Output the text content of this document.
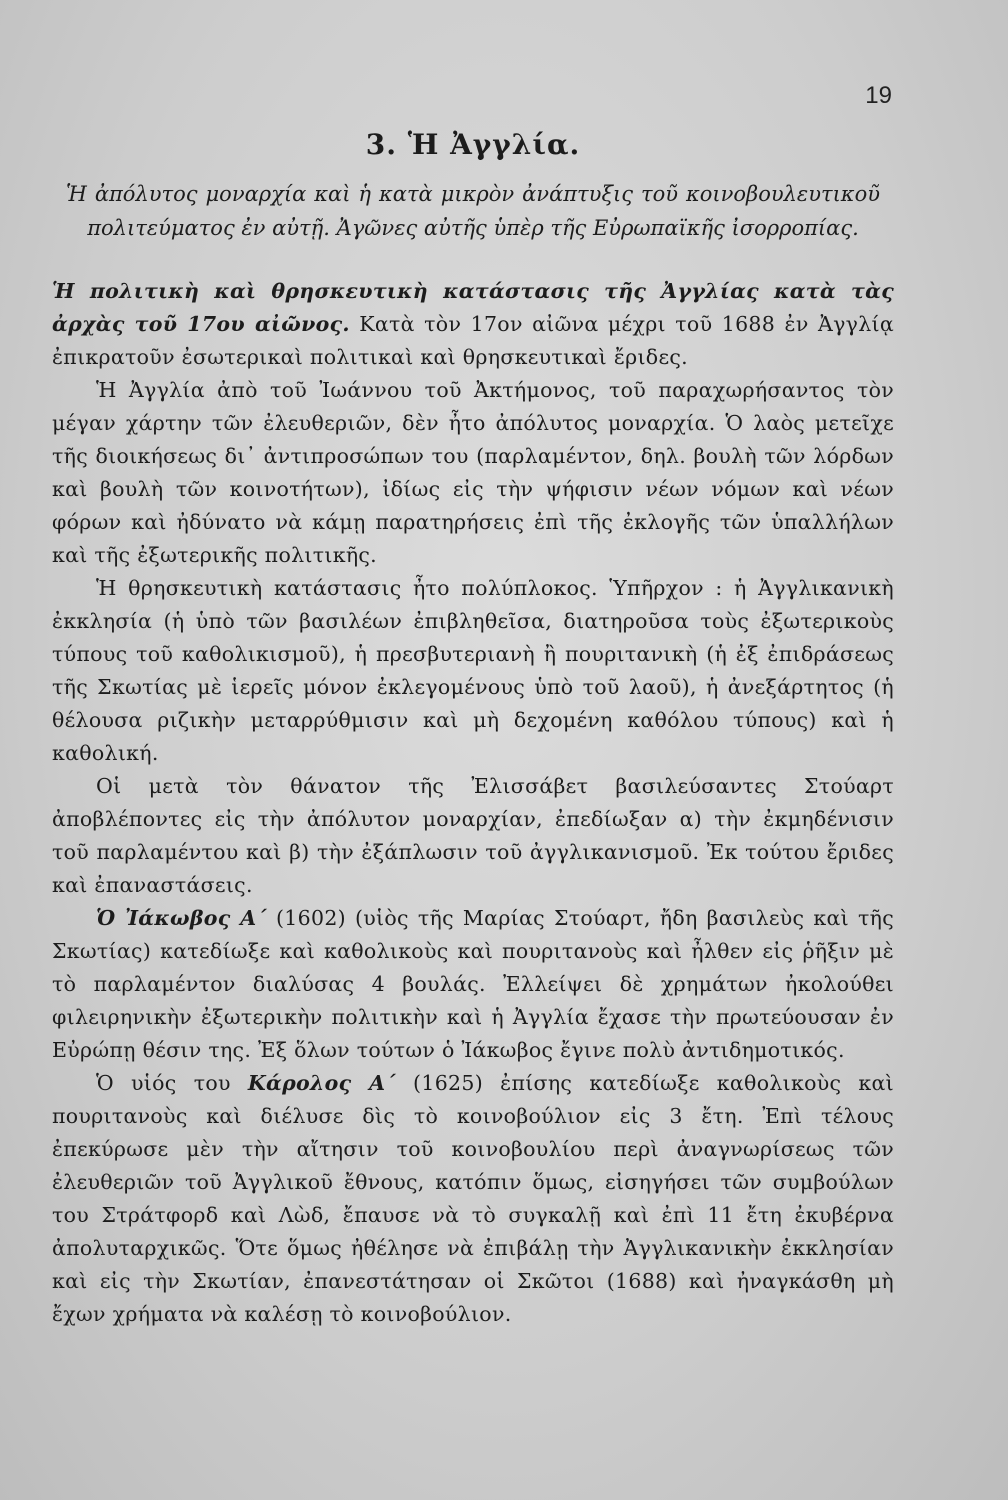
19
3. Ἡ Ἀγγλία.
Ἡ ἀπόλυτος μοναρχία καὶ ἡ κατὰ μικρὸν ἀνάπτυξις τοῦ κοινοβουλευτικοῦ πολιτεύματος ἐν αὐτῇ. Ἀγῶνες αὐτῆς ὑπὲρ τῆς Εὐρωπαϊκῆς ἰσορροπίας.

Ἡ πολιτικὴ καὶ θρησκευτικὴ κατάστασις τῆς Ἀγγλίας κατὰ τὰς ἀρχὰς τοῦ 17ου αἰῶνος. Κατὰ τὸν 17ον αἰῶνα μέχρι τοῦ 1688 ἐν Ἀγγλίᾳ ἐπικρατοῦν ἐσωτερικαὶ πολιτικαὶ καὶ θρησκευτικαὶ ἔριδες.

Ἡ Ἀγγλία ἀπὸ τοῦ Ἰωάννου τοῦ Ἀκτήμονος, τοῦ παραχωρήσαντος τὸν μέγαν χάρτην τῶν ἐλευθεριῶν, δὲν ἦτο ἀπόλυτος μοναρχία. Ὁ λαὸς μετεῖχε τῆς διοικήσεως δι᾿ ἀντιπροσώπων του (παρλαμέντον, δηλ. βουλὴ τῶν λόρδων καὶ βουλὴ τῶν κοινοτήτων), ἰδίως εἰς τὴν ψήφισιν νέων νόμων καὶ νέων φόρων καὶ ἠδύνατο νὰ κάμῃ παρατηρήσεις ἐπὶ τῆς ἐκλογῆς τῶν ὑπαλλήλων καὶ τῆς ἐξωτερικῆς πολιτικῆς.

Ἡ θρησκευτικὴ κατάστασις ἦτο πολύπλοκος. Ὑπῆρχον : ἡ Ἀγγλικανικὴ ἐκκλησία (ἡ ὑπὸ τῶν βασιλέων ἐπιβληθεῖσα, διατηροῦσα τοὺς ἐξωτερικοὺς τύπους τοῦ καθολικισμοῦ), ἡ πρεσβυτεριανὴ ἢ πουριτανικὴ (ἡ ἐξ ἐπιδράσεως τῆς Σκωτίας μὲ ἱερεῖς μόνον ἐκλεγομένους ὑπὸ τοῦ λαοῦ), ἡ ἀνεξάρτητος (ἡ θέλουσα ριζικὴν μεταρρύθμισιν καὶ μὴ δεχομένη καθόλου τύπους) καὶ ἡ καθολική.

Οἱ μετὰ τὸν θάνατον τῆς Ἐλισσάβετ βασιλεύσαντες Στούαρτ ἀποβλέποντες εἰς τὴν ἀπόλυτον μοναρχίαν, ἐπεδίωξαν α) τὴν ἐκμηδένισιν τοῦ παρλαμέντου καὶ β) τὴν ἐξάπλωσιν τοῦ ἀγγλικανισμοῦ. Ἐκ τούτου ἔριδες καὶ ἐπαναστάσεις.

Ὁ Ἰάκωβος Α΄ (1602) (υἱὸς τῆς Μαρίας Στούαρτ, ἤδη βασιλεὺς καὶ τῆς Σκωτίας) κατεδίωξε καὶ καθολικοὺς καὶ πουριτανοὺς καὶ ἦλθεν εἰς ῥῆξιν μὲ τὸ παρλαμέντον διαλύσας 4 βουλάς. Ἐλλείψει δὲ χρημάτων ἠκολούθει φιλειρηνικὴν ἐξωτερικὴν πολιτικὴν καὶ ἡ Ἀγγλία ἔχασε τὴν πρωτεύουσαν ἐν Εὐρώπῃ θέσιν της. Ἐξ ὅλων τούτων ὁ Ἰάκωβος ἔγινε πολὺ ἀντιδημοτικός.

Ὁ υἱός του Κάρολος Α΄ (1625) ἐπίσης κατεδίωξε καθολικοὺς καὶ πουριτανοὺς καὶ διέλυσε δὶς τὸ κοινοβούλιον εἰς 3 ἔτη. Ἐπὶ τέλους ἐπεκύρωσε μὲν τὴν αἴτησιν τοῦ κοινοβουλίου περὶ ἀναγνωρίσεως τῶν ἐλευθεριῶν τοῦ Ἀγγλικοῦ ἔθνους, κατόπιν ὅμως, εἰσηγήσει τῶν συμβούλων του Στράτφορδ καὶ Λὼδ, ἔπαυσε νὰ τὸ συγκαλῇ καὶ ἐπὶ 11 ἔτη ἐκυβέρνα ἀπολυταρχικῶς. Ὅτε ὅμως ἠθέλησε νὰ ἐπιβάλῃ τὴν Ἀγγλικανικὴν ἐκκλησίαν καὶ εἰς τὴν Σκωτίαν, ἐπανεστάτησαν οἱ Σκῶτοι (1688) καὶ ἠναγκάσθη μὴ ἔχων χρήματα νὰ καλέσῃ τὸ κοινοβούλιον.
